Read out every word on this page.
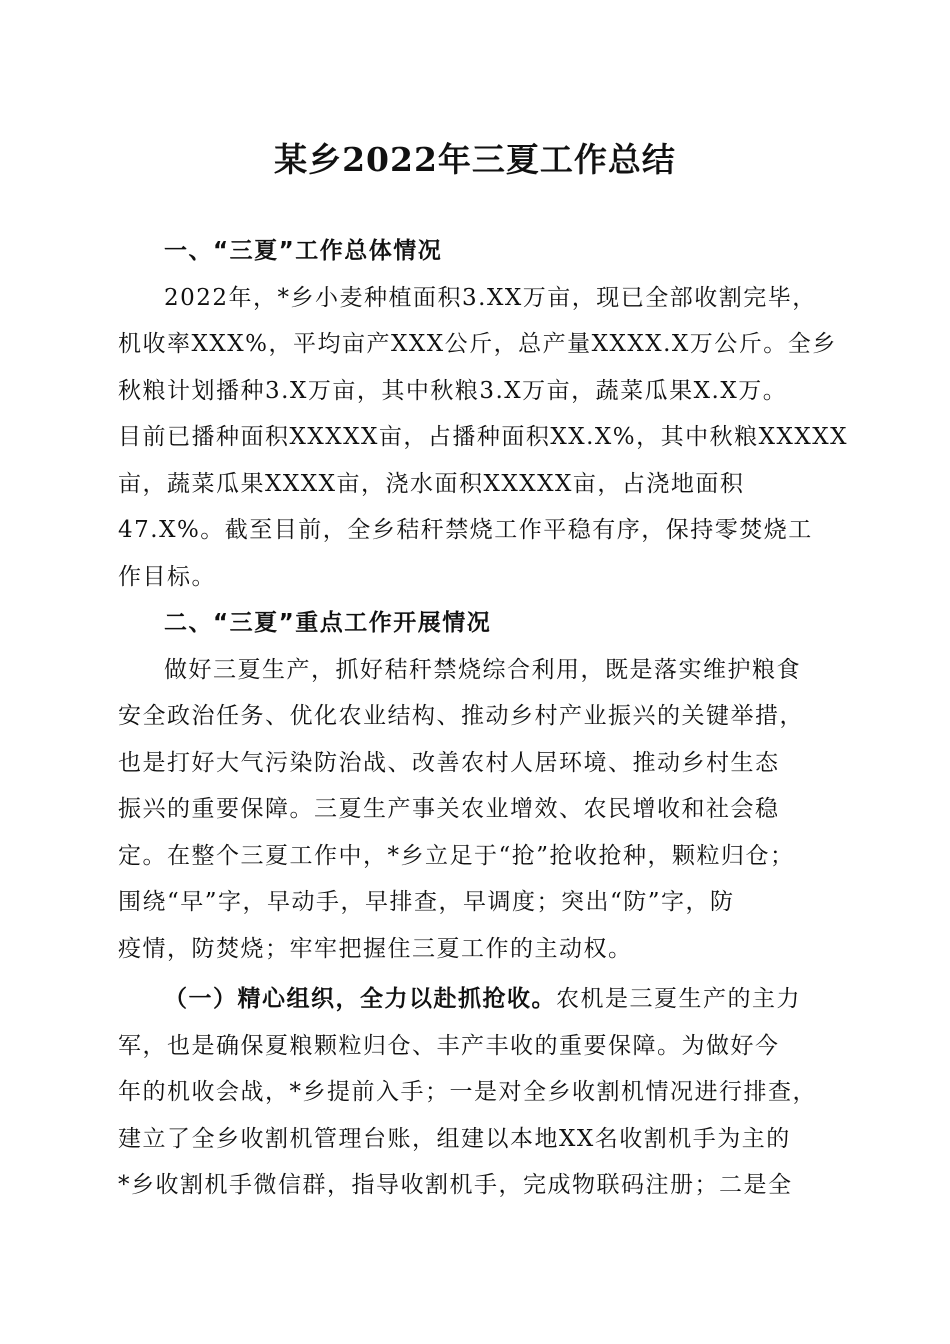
某乡2022年三夏工作总结
一、“三夏”工作总体情况
2022年，*乡小麦种植面积3.XX万亩，现已全部收割完毕，
机收率XXX%，平均亩产XXX公斤，总产量XXXX.X万公斤。全乡
秋粮计划播种3.X万亩，其中秋粮3.X万亩，蔬菜瓜果X.X万。
目前已播种面积XXXXX亩，占播种面积XX.X%，其中秋粮XXXXX
亩，蔬菜瓜果XXXX亩，浇水面积XXXXX亩，占浇地面积
47.X%。截至目前，全乡秸秆禁烧工作平稳有序，保持零焚烧工
作目标。
二、“三夏”重点工作开展情况
做好三夏生产，抓好秸秆禁烧综合利用，既是落实维护粮食
安全政治任务、优化农业结构、推动乡村产业振兴的关键举措，
也是打好大气污染防治战、改善农村人居环境、推动乡村生态
振兴的重要保障。三夏生产事关农业增效、农民增收和社会稳
定。在整个三夏工作中，*乡立足于“抢”抢收抢种，颗粒归仓；
围绕“早”字，早动手，早排查，早调度；突出“防”字，防
疫情，防焚烧；牢牢把握住三夏工作的主动权。
（一）精心组织，全力以赴抓抢收。农机是三夏生产的主力
军，也是确保夏粮颗粒归仓、丰产丰收的重要保障。为做好今
年的机收会战，*乡提前入手；一是对全乡收割机情况进行排查，
建立了全乡收割机管理台账，组建以本地XX名收割机手为主的
*乡收割机手微信群，指导收割机手，完成物联码注册；二是全
